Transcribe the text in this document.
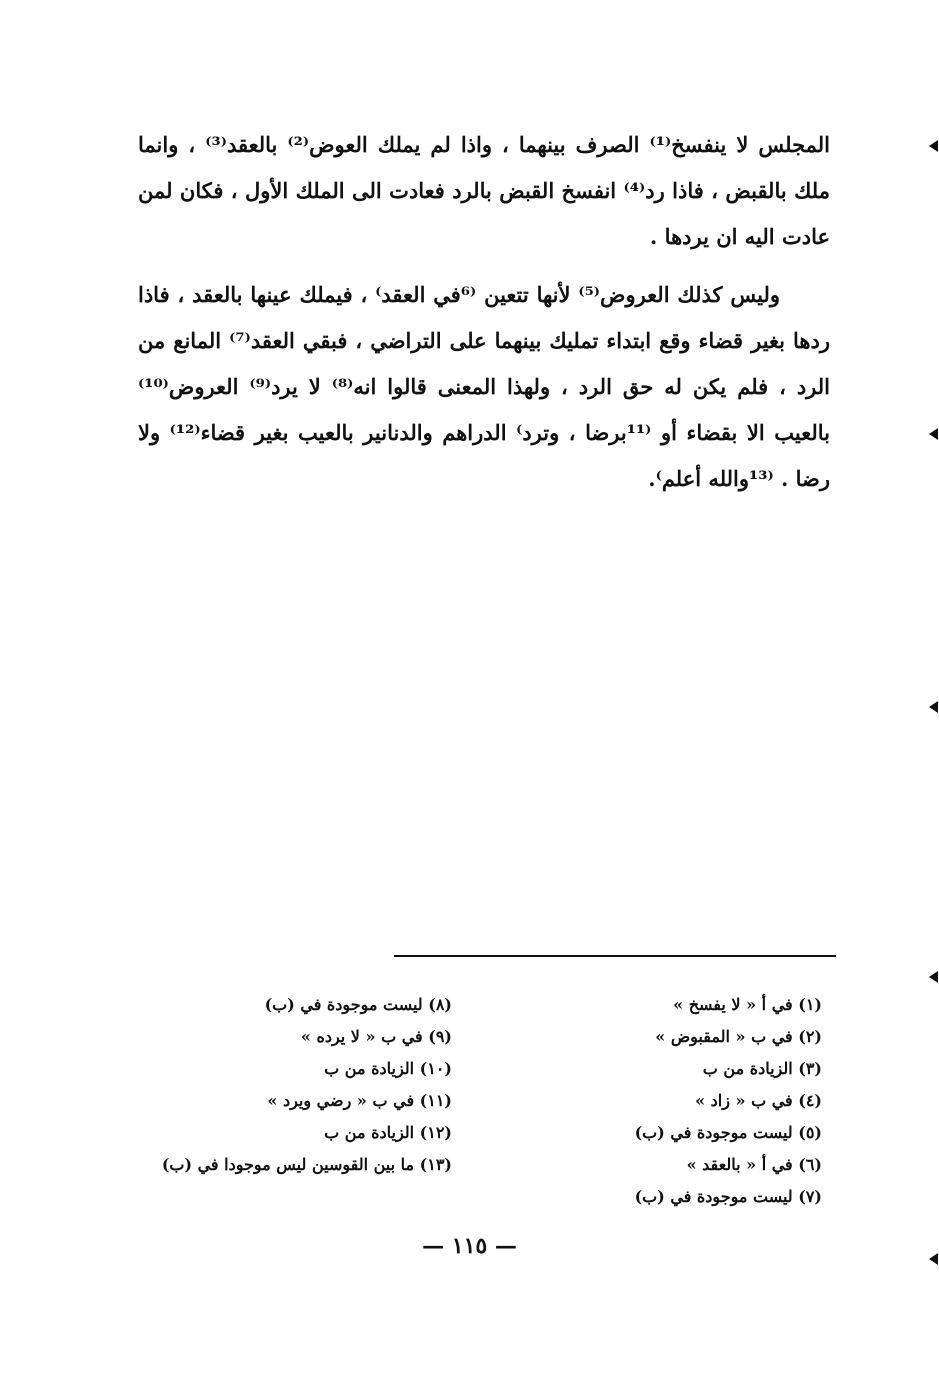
المجلس لا ينفسخ⁽¹⁾ الصرف بينهما ، واذا لم يملك العوض⁽²⁾ بالعقد⁽³⁾ ، وانما ملك بالقبض ، فاذا رد⁽⁴⁾ انفسخ القبض بالرد فعادت الى الملك الأول ، فكان لمن عادت اليه ان يردها .

وليس كذلك العروض⁽⁵⁾ لأنها تتعين ⁽⁶في العقد⁾ ، فيملك عينها بالعقد ، فاذا ردها بغير قضاء وقع ابتداء تمليك بينهما على التراضي ، فبقي العقد⁽⁷⁾ المانع من الرد ، فلم يكن له حق الرد ، ولهذا المعنى قالوا انه⁽⁸⁾ لا يرد⁽⁹⁾ العروض⁽¹⁰⁾ بالعيب الا بقضاء أو ⁽¹¹برضا ، وترد⁾ الدراهم والدنانير بالعيب بغير قضاء⁽¹²⁾ ولا رضا . ⁽¹³والله أعلم⁾.

(١) في أ « لا يفسخ »
(٢) في ب « المقبوض »
(٣) الزيادة من ب
(٤) في ب « زاد »
(٥) ليست موجودة في (ب)
(٦) في أ « بالعقد »
(٧) ليست موجودة في (ب)
(٨) ليست موجودة في (ب)
(٩) في ب « لا يرده »
(١٠) الزيادة من ب
(١١) في ب « رضي ويرد »
(١٢) الزيادة من ب
(١٣) ما بين القوسين ليس موجودا في (ب)
— ١١٥ —
